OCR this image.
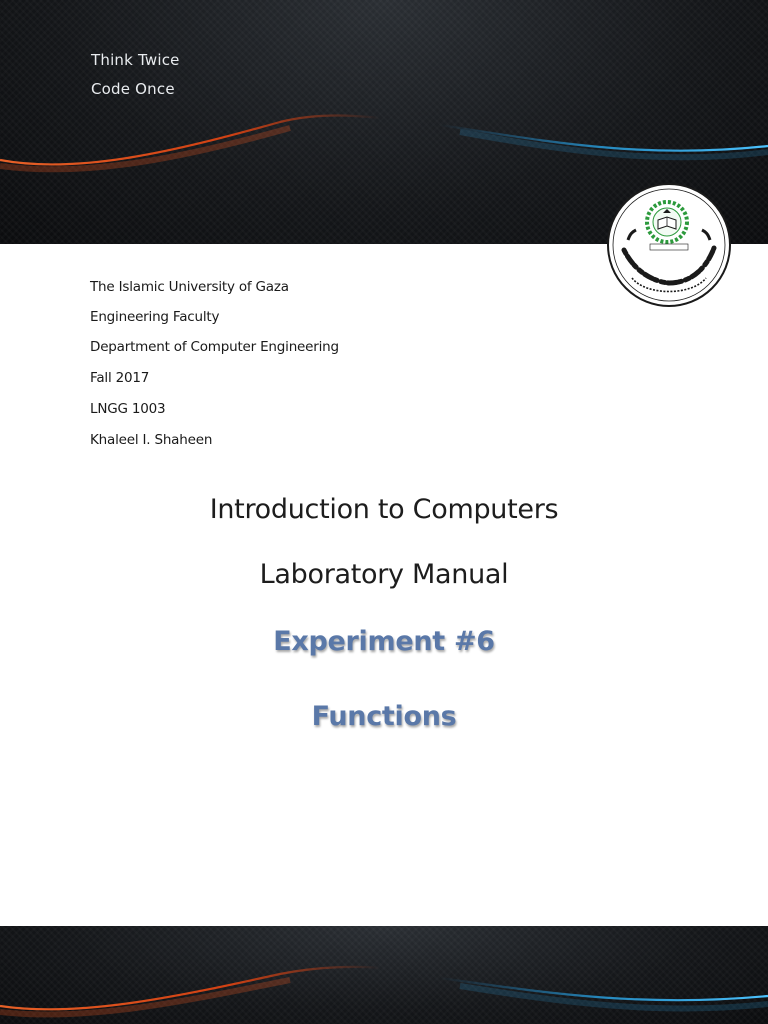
Think Twice
Code Once
The Islamic University of Gaza
Engineering Faculty
Department of Computer Engineering
Fall 2017
LNGG 1003
Khaleel I. Shaheen
Introduction to Computers
Laboratory Manual
Experiment #6
Functions
